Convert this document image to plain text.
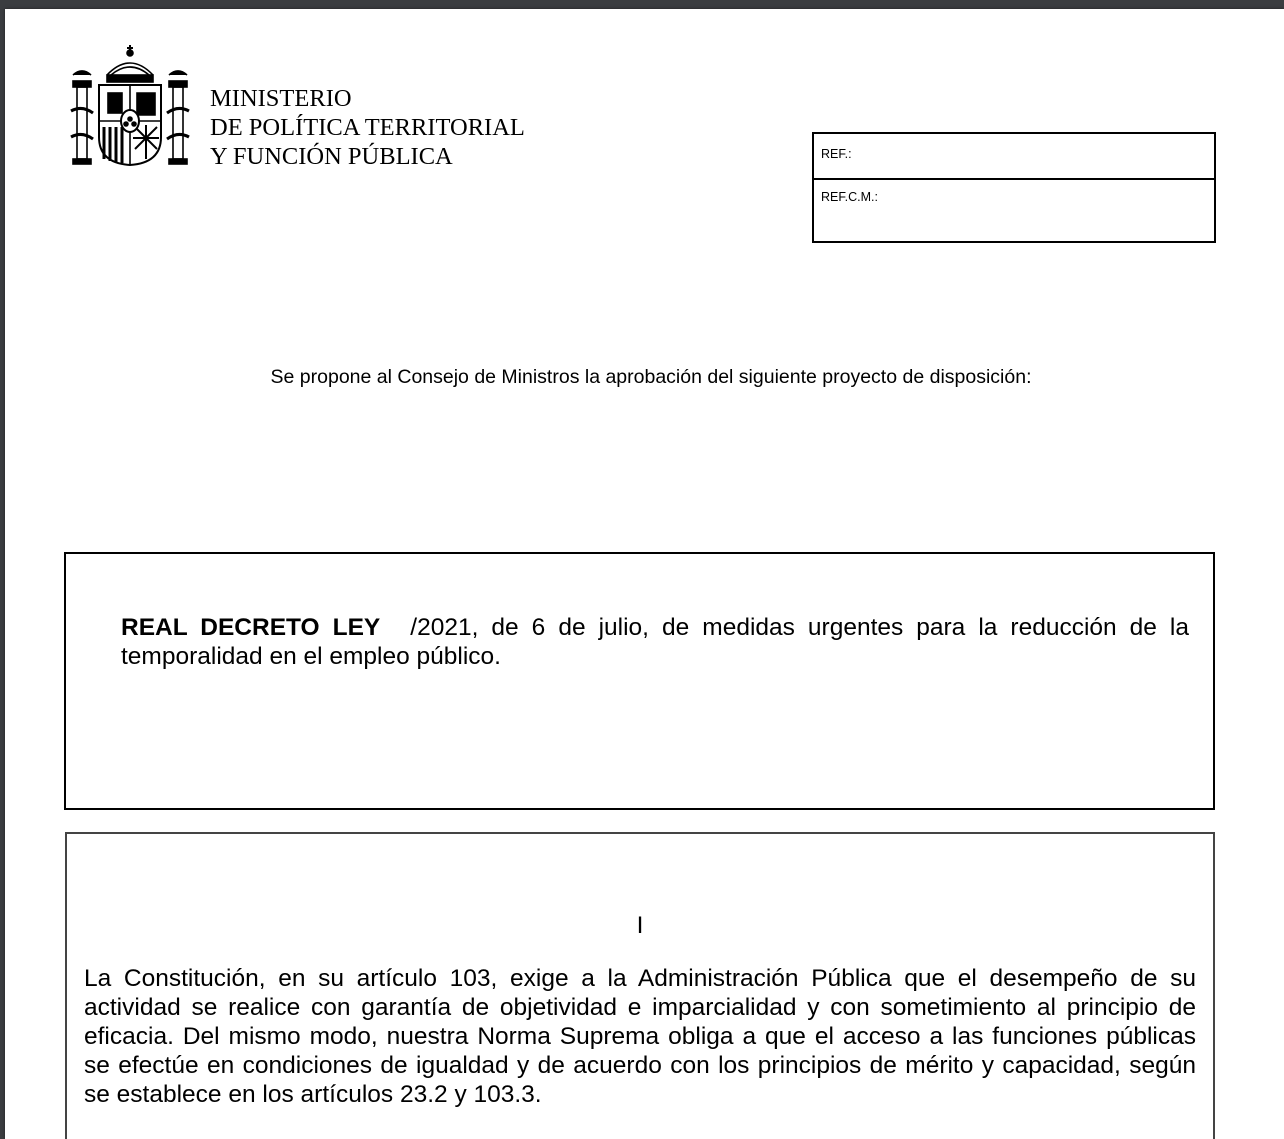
MINISTERIO
DE POLÍTICA TERRITORIAL
Y FUNCIÓN PÚBLICA	REF.:
REF.C.M.:
Se propone al Consejo de Ministros la aprobación del siguiente proyecto de disposición:
REAL DECRETO LEY /2021, de 6 de julio, de medidas urgentes para la reducción de la temporalidad en el empleo público.
I
La Constitución, en su artículo 103, exige a la Administración Pública que el desempeño de su actividad se realice con garantía de objetividad e imparcialidad y con sometimiento al principio de eficacia. Del mismo modo, nuestra Norma Suprema obliga a que el acceso a las funciones públicas se efectúe en condiciones de igualdad y de acuerdo con los principios de mérito y capacidad, según se establece en los artículos 23.2 y 103.3.
